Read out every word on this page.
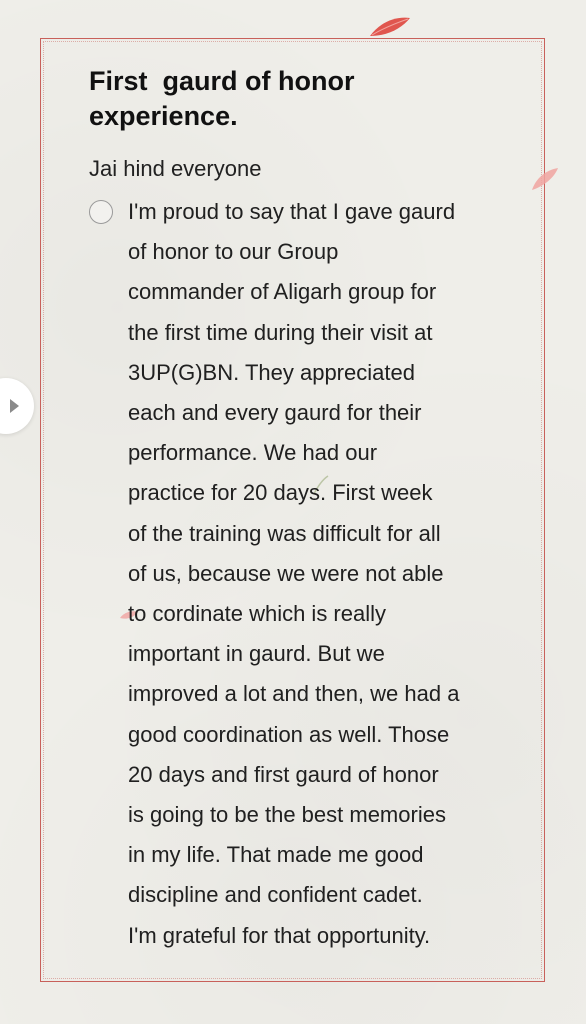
First  gaurd of honor
experience.
Jai hind everyone
I'm proud to say that I gave gaurd
of honor to our Group
commander of Aligarh group for
the first time during their visit at
3UP(G)BN. They appreciated
each and every gaurd for their
performance. We had our
practice for 20 days. First week
of the training was difficult for all
of us, because we were not able
to cordinate which is really
important in gaurd. But we
improved a lot and then, we had a
good coordination as well. Those
20 days and first gaurd of honor
is going to be the best memories
in my life. That made me good
discipline and confident cadet.
I'm grateful for that opportunity.
